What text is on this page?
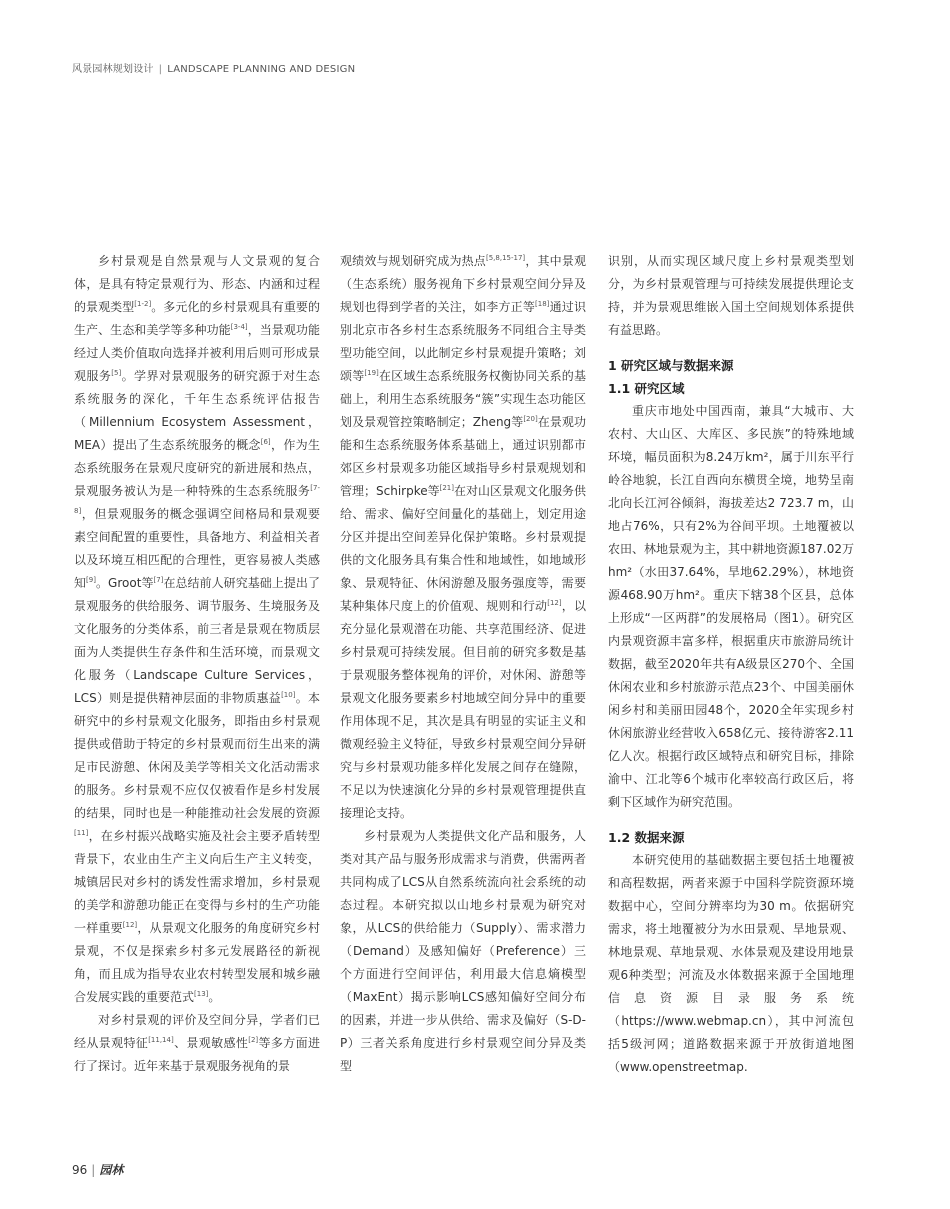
风景园林规划设计 | LANDSCAPE PLANNING AND DESIGN

乡村景观是自然景观与人文景观的复合体，是具有特定景观行为、形态、内涵和过程的景观类型[1-2]。多元化的乡村景观具有重要的生产、生态和美学等多种功能[3-4]，当景观功能经过人类价值取向选择并被利用后则可形成景观服务[5]。学界对景观服务的研究源于对生态系统服务的深化，千年生态系统评估报告（Millennium Ecosystem Assessment，MEA）提出了生态系统服务的概念[6]，作为生态系统服务在景观尺度研究的新进展和热点，景观服务被认为是一种特殊的生态系统服务[7-8]，但景观服务的概念强调空间格局和景观要素空间配置的重要性，具备地方、利益相关者以及环境互相匹配的合理性，更容易被人类感知[9]。Groot等[7]在总结前人研究基础上提出了景观服务的供给服务、调节服务、生境服务及文化服务的分类体系，前三者是景观在物质层面为人类提供生存条件和生活环境，而景观文化服务（Landscape Culture Services，LCS）则是提供精神层面的非物质惠益[10]。本研究中的乡村景观文化服务，即指由乡村景观提供或借助于特定的乡村景观而衍生出来的满足市民游憩、休闲及美学等相关文化活动需求的服务。乡村景观不应仅仅被看作是乡村发展的结果，同时也是一种能推动社会发展的资源[11]，在乡村振兴战略实施及社会主要矛盾转型背景下，农业由生产主义向后生产主义转变，城镇居民对乡村的诱发性需求增加，乡村景观的美学和游憩功能正在变得与乡村的生产功能一样重要[12]，从景观文化服务的角度研究乡村景观，不仅是探索乡村多元发展路径的新视角，而且成为指导农业农村转型发展和城乡融合发展实践的重要范式[13]。

对乡村景观的评价及空间分异，学者们已经从景观特征[11,14]、景观敏感性[2]等多方面进行了探讨。近年来基于景观服务视角的景

观绩效与规划研究成为热点[5,8,15-17]，其中景观（生态系统）服务视角下乡村景观空间分异及规划也得到学者的关注，如李方正等[18]通过识别北京市各乡村生态系统服务不同组合主导类型功能空间，以此制定乡村景观提升策略；刘颂等[19]在区域生态系统服务权衡协同关系的基础上，利用生态系统服务“簇”实现生态功能区划及景观管控策略制定；Zheng等[20]在景观功能和生态系统服务体系基础上，通过识别都市郊区乡村景观多功能区域指导乡村景观规划和管理；Schirpke等[21]在对山区景观文化服务供给、需求、偏好空间量化的基础上，划定用途分区并提出空间差异化保护策略。乡村景观提供的文化服务具有集合性和地域性，如地域形象、景观特征、休闲游憩及服务强度等，需要某种集体尺度上的价值观、规则和行动[12]，以充分显化景观潜在功能、共享范围经济、促进乡村景观可持续发展。但目前的研究多数是基于景观服务整体视角的评价，对休闲、游憩等景观文化服务要素乡村地域空间分异中的重要作用体现不足，其次是具有明显的实证主义和微观经验主义特征，导致乡村景观空间分异研究与乡村景观功能多样化发展之间存在缝隙，不足以为快速演化分异的乡村景观管理提供直接理论支持。

乡村景观为人类提供文化产品和服务，人类对其产品与服务形成需求与消费，供需两者共同构成了LCS从自然系统流向社会系统的动态过程。本研究拟以山地乡村景观为研究对象，从LCS的供给能力（Supply）、需求潜力（Demand）及感知偏好（Preference）三个方面进行空间评估，利用最大信息熵模型（MaxEnt）揭示影响LCS感知偏好空间分布的因素，并进一步从供给、需求及偏好（S-D-P）三者关系角度进行乡村景观空间分异及类型

识别，从而实现区域尺度上乡村景观类型划分，为乡村景观管理与可持续发展提供理论支持，并为景观思维嵌入国土空间规划体系提供有益思路。

1 研究区域与数据来源
1.1 研究区域

重庆市地处中国西南，兼具“大城市、大农村、大山区、大库区、多民族”的特殊地域环境，幅员面积为8.24万km²，属于川东平行岭谷地貌，长江自西向东横贯全境，地势呈南北向长江河谷倾斜，海拔差达2 723.7 m，山地占76%，只有2%为谷间平坝。土地覆被以农田、林地景观为主，其中耕地资源187.02万hm²（水田37.64%，旱地62.29%），林地资源468.90万hm²。重庆下辖38个区县，总体上形成“一区两群”的发展格局（图1）。研究区内景观资源丰富多样，根据重庆市旅游局统计数据，截至2020年共有A级景区270个、全国休闲农业和乡村旅游示范点23个、中国美丽休闲乡村和美丽田园48个，2020全年实现乡村休闲旅游业经营收入658亿元、接待游客2.11亿人次。根据行政区域特点和研究目标，排除渝中、江北等6个城市化率较高行政区后，将剩下区域作为研究范围。

1.2 数据来源

本研究使用的基础数据主要包括土地覆被和高程数据，两者来源于中国科学院资源环境数据中心，空间分辨率均为30 m。依据研究需求，将土地覆被分为水田景观、旱地景观、林地景观、草地景观、水体景观及建设用地景观6种类型；河流及水体数据来源于全国地理信息资源目录服务系统（https://www.webmap.cn），其中河流包括5级河网；道路数据来源于开放街道地图（www.openstreetmap.

96 | 园林
